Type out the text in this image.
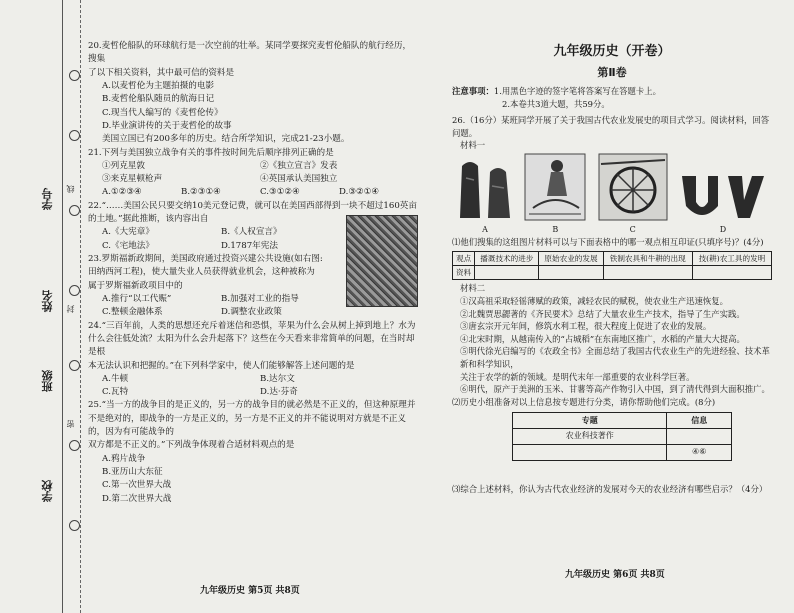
学校
班级
姓名
学号
密
封
线

20.麦哲伦船队的环球航行是一次空前的壮举。某同学要探究麦哲伦船队的航行经历，搜集

了以下相关资料，其中最可信的资料是

A.以麦哲伦为主题拍摄的电影

B.麦哲伦船队随员的航海日记

C.现当代人编写的《麦哲伦传》

D.毕业演讲传的关于麦哲伦的故事

美国立国已有200多年的历史。结合所学知识，完成21-23小题。

21.下列与美国独立战争有关的事件按时间先后顺序排列正确的是

①列克星敦	②《独立宣言》发表
③来克星顿枪声	④英国承认美国独立
A.①②③④	B.②③①④	C.③①②④	D.③②①④

22.“……美国公民只要交纳10美元登记费，就可以在美国西部得到一块不超过160英亩

的土地。”据此推断，该内容出自

A.《大宪章》	B.《人权宣言》
C.《宅地法》	D.1787年宪法

23.罗斯福新政期间，美国政府通过投资兴建公共设施(如右图:

田纳西河工程)，使大量失业人员获得就业机会，这种被称为

属于罗斯福新政项目中的

A.推行“以工代赈”	B.加强对工业的指导
C.整顿金融体系	D.调整农业政策

24.“三百年前，人类的思想还充斥着迷信和恐惧，苹果为什么会从树上掉到地上？水为

什么会往低处流？太阳为什么会升起落下？这些在今天看来非常简单的问题，在当时却是根

本无法认识和把握的。”在下列科学家中，使人们能够解答上述问题的是

A.牛顿	B.达尔文
C.瓦特	D.达·芬奇

25.“当一方的战争目的是正义的，另一方的战争目的就必然是不正义的，但这种原理并

不是绝对的，即战争的一方是正义的，另一方是不正义的并不能说明对方就是不正义的，因为有可能战争的

双方都是不正义的。”下列战争体现着合适材料观点的是

A.鸦片战争

B.亚历山大东征

C.第一次世界大战

D.第二次世界大战

九年级历史 第5页 共8页

九年级历史（开卷）

第Ⅱ卷

注意事项：1.用黑色字迹的签字笔将答案写在答题卡上。

2.本卷共3道大题，共59分。

26.（16分）某班同学开展了关于我国古代农业发展史的项目式学习。阅读材料，回答问题。

材料一

A	B	C	D

⑴他们搜集的这组图片材料可以与下面表格中的哪一观点相互印证(只填序号)？(4分)

观点	播溉技术的进步	原始农业的发展	铁制农具和牛耕的出现	技(耕)农工具的发明
资料				

材料二

①汉高祖采取轻徭薄赋的政策，减轻农民的赋税，使农业生产迅速恢复。

②北魏贾思勰著的《齐民要术》总结了大量农业生产技术，指导了生产实践。

③唐玄宗开元年间，修筑水利工程，很大程度上促进了农业的发展。

④北宋时期，从越南传入的“占城稻”在东南地区推广，水稻的产量大大提高。

⑤明代徐光启编写的《农政全书》全面总结了我国古代农业生产的先进经验、技术革新和科学知识，

关注于农学的新的领域。是明代末年一部重要的农业科学巨著。

⑥明代，原产于美洲的玉米、甘薯等高产作物引入中国，到了清代得到大面积推广。

⑵历史小组准备对以上信息按专题进行分类，请你帮助他们完成。(8分)

专题	信息
农业科技著作	
	④⑥

⑶综合上述材料，你认为古代农业经济的发展对今天的农业经济有哪些启示？（4分）

九年级历史 第6页 共8页
